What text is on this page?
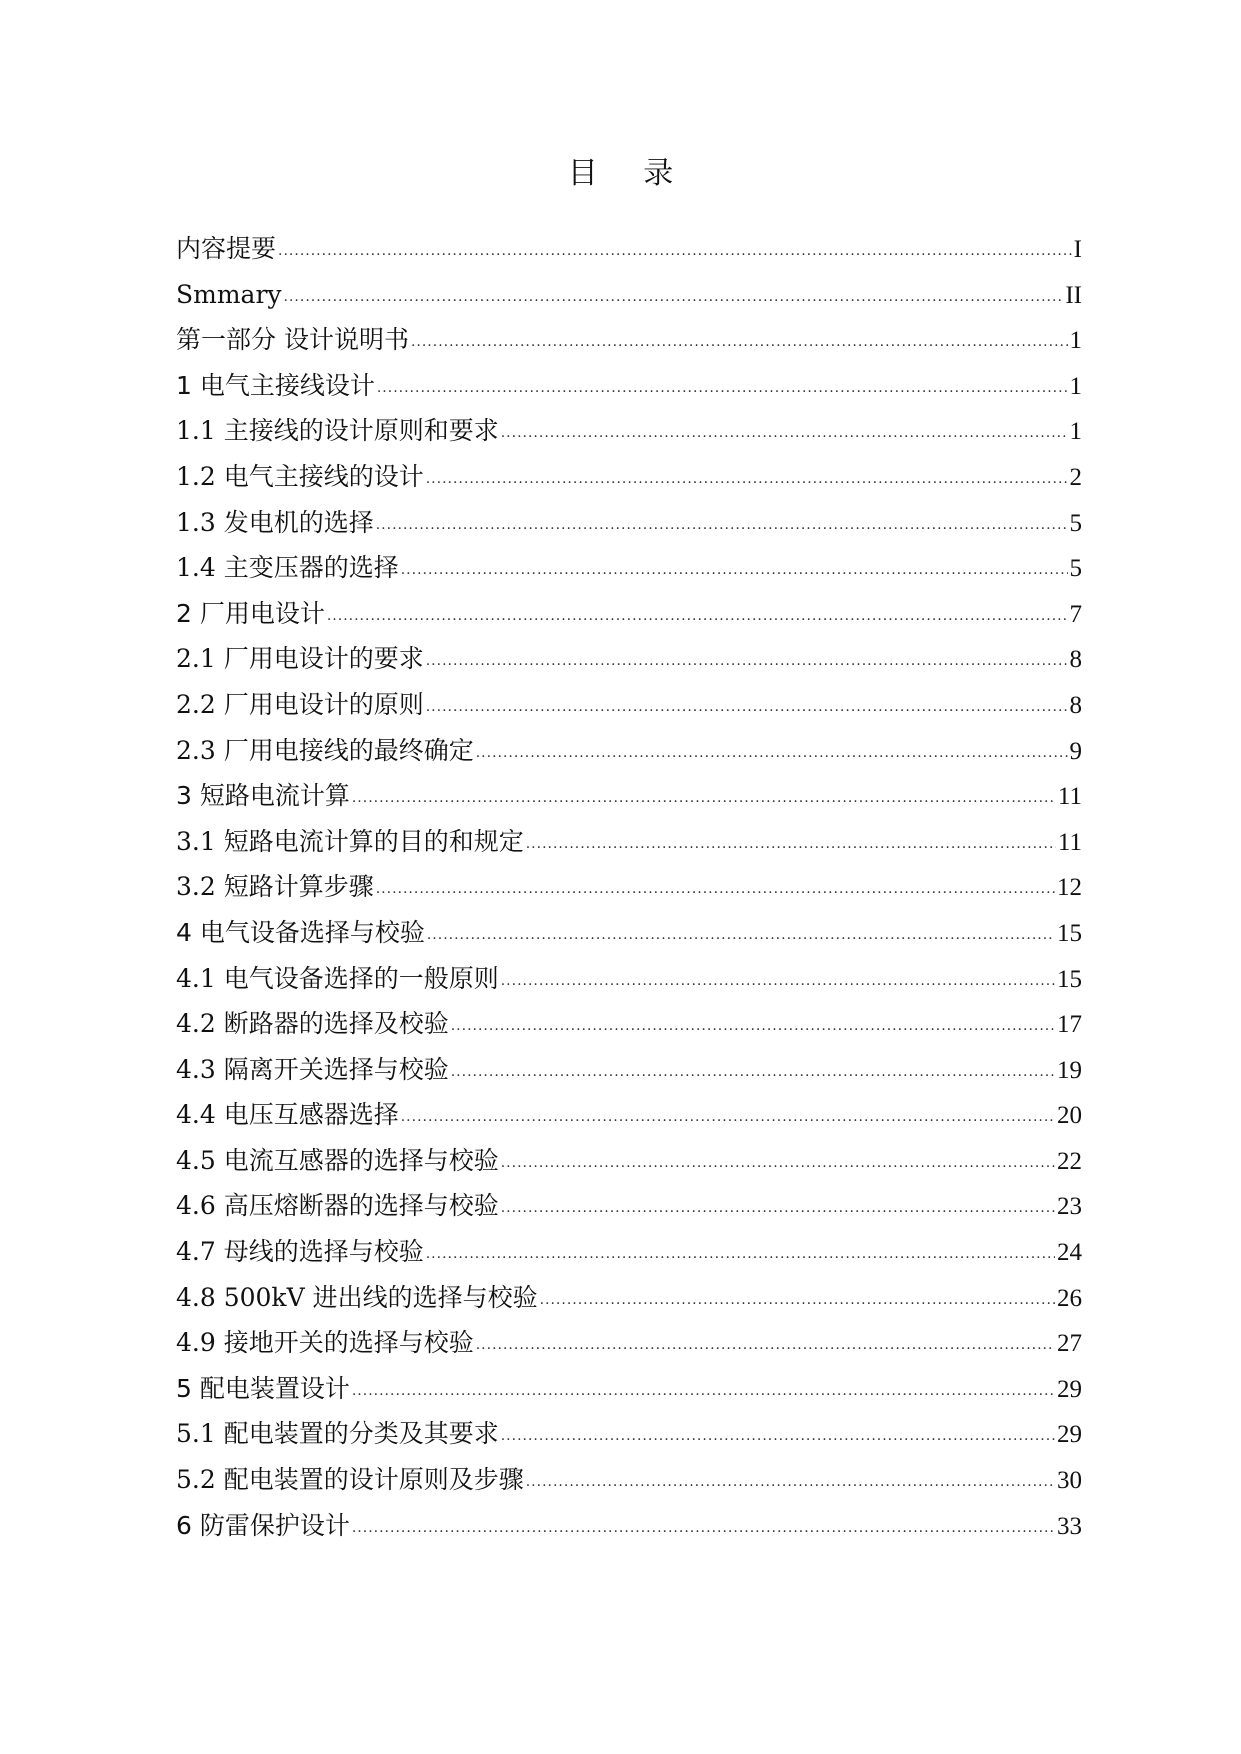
目 录
内容提要 .....	I
Smmary .....	II
第一部分 设计说明书 .....	1
1 电气主接线设计 .....	1
1.1 主接线的设计原则和要求 .....	1
1.2 电气主接线的设计 .....	2
1.3 发电机的选择 .....	5
1.4 主变压器的选择 .....	5
2 厂用电设计 .....	7
2.1 厂用电设计的要求 .....	8
2.2 厂用电设计的原则 .....	8
2.3 厂用电接线的最终确定 .....	9
3 短路电流计算 .....	11
3.1 短路电流计算的目的和规定 .....	11
3.2 短路计算步骤 .....	12
4 电气设备选择与校验 .....	15
4.1 电气设备选择的一般原则 .....	15
4.2 断路器的选择及校验 .....	17
4.3 隔离开关选择与校验 .....	19
4.4 电压互感器选择 .....	20
4.5 电流互感器的选择与校验 .....	22
4.6 高压熔断器的选择与校验 .....	23
4.7 母线的选择与校验 .....	24
4.8 500kV 进出线的选择与校验 .....	26
4.9 接地开关的选择与校验 .....	27
5 配电装置设计 .....	29
5.1 配电装置的分类及其要求 .....	29
5.2 配电装置的设计原则及步骤 .....	30
6 防雷保护设计 .....	33
